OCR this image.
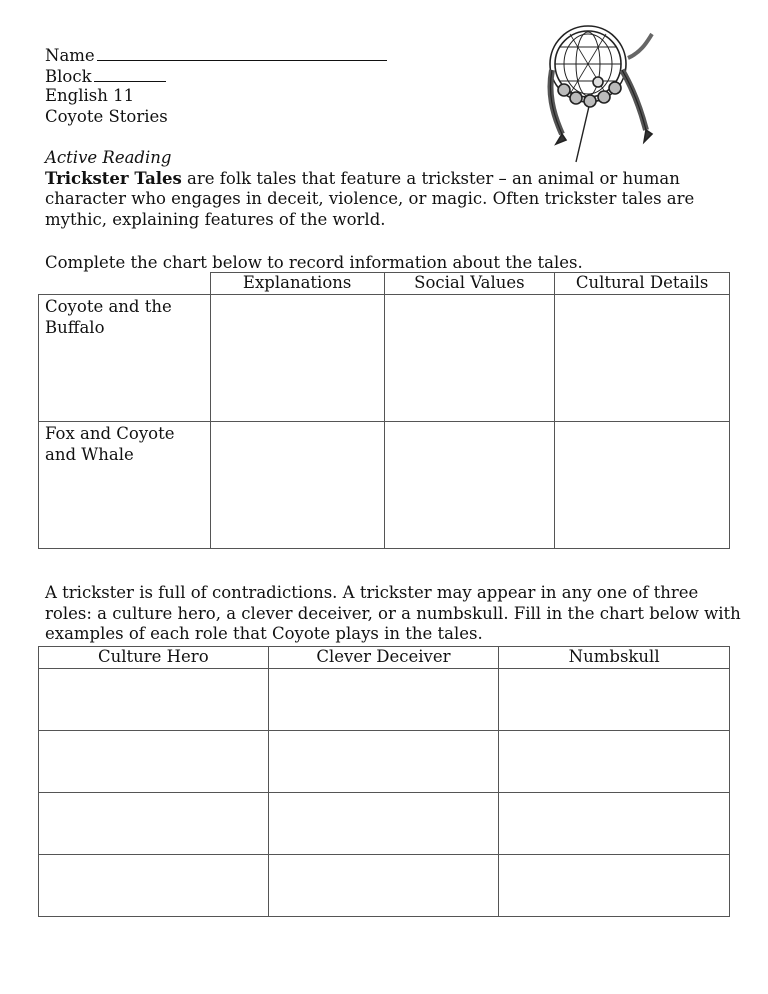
Name
Block
English 11
Coyote Stories

Active Reading

Trickster Tales are folk tales that feature a trickster – an animal or human character who engages in deceit, violence, or magic. Often trickster tales are mythic, explaining features of the world.

Complete the chart below to record information about the tales.
	Explanations	Social Values	Cultural Details
Coyote and the Buffalo			
Fox and Coyote and Whale			

A trickster is full of contradictions. A trickster may appear in any one of three roles: a culture hero, a clever deceiver, or a numbskull. Fill in the chart below with examples of each role that Coyote plays in the tales.

Culture Hero	Clever Deceiver	Numbskull
